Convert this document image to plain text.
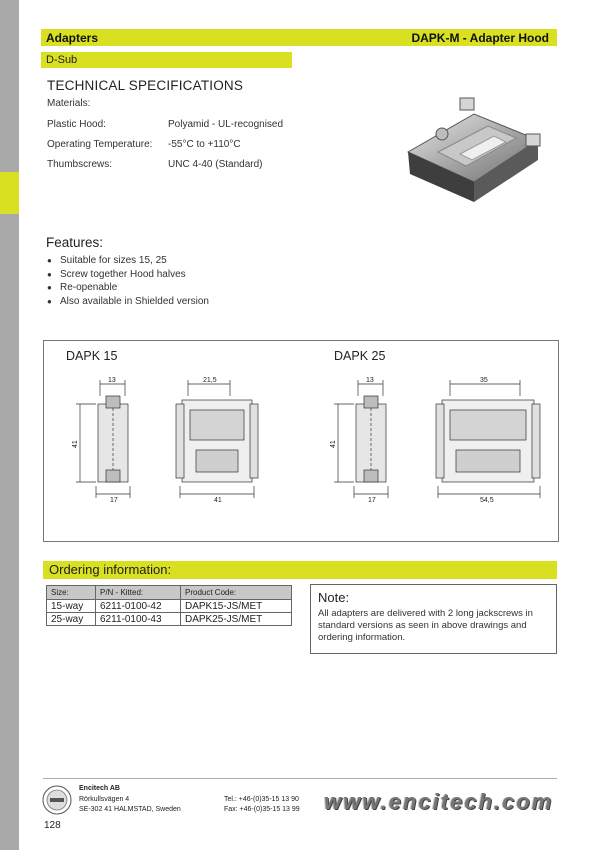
Adapters	DAPK-M - Adapter Hood
D-Sub
TECHNICAL SPECIFICATIONS
Materials:
Plastic Hood:	Polyamid - UL-recognised
Operating Temperature: -55°C to +110°C
Thumbscrews:	UNC 4-40 (Standard)
Features:
● Suitable for sizes 15, 25
● Screw together Hood halves
● Re-openable
● Also available in Shielded version
DAPK 15	DAPK 25
13
41
17
21,5
41
13
41
17
35
54,5
Ordering information:
Size:	P/N - Kitted:	Product Code:
15-way	6211-0100-42	DAPK15-JS/MET
25-way	6211-0100-43	DAPK25-JS/MET
Note:
All adapters are delivered with 2 long jackscrews in standard versions as seen in above drawings and ordering information.
Encitech AB
Rörkullsvägen 4
SE-302 41 HALMSTAD, Sweden
Tel.: +46-(0)35-15 13 90
Fax: +46-(0)35-15 13 99 www.encitech.com
128
